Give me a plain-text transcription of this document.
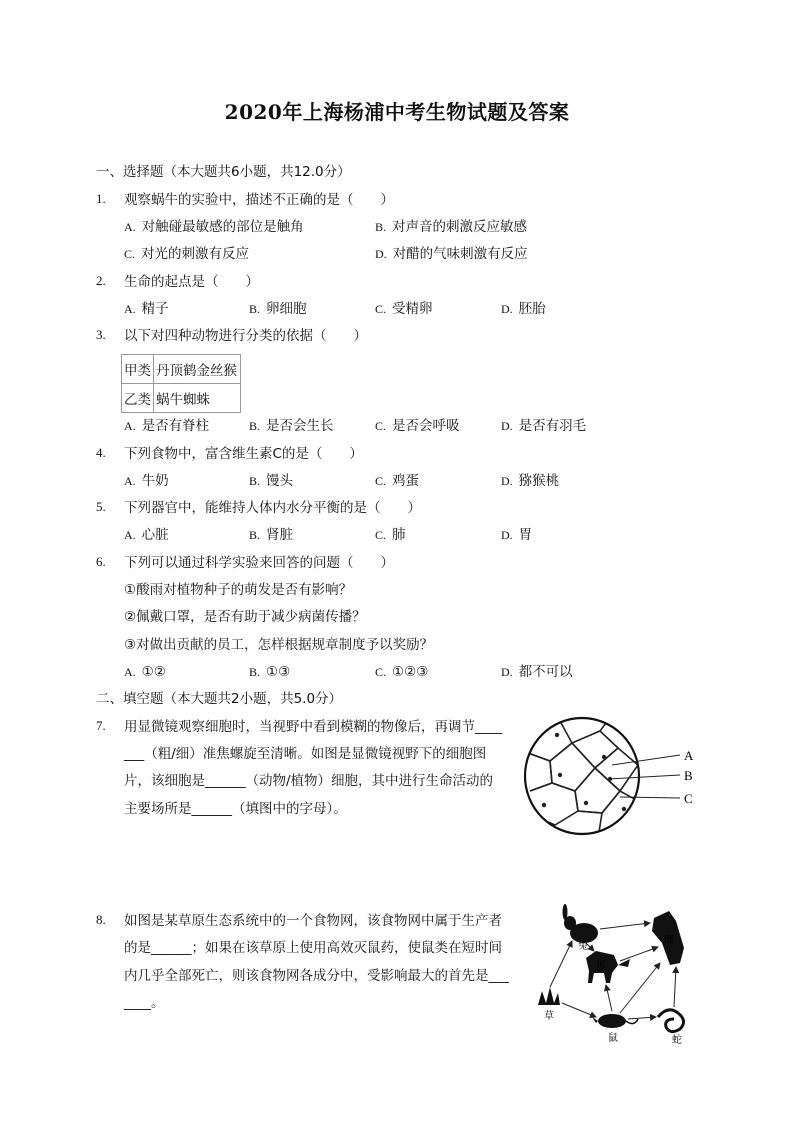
2020年上海杨浦中考生物试题及答案
一、选择题（本大题共6小题，共12.0分）
1.	观察蜗牛的实验中，描述不正确的是（　　）
A. 对触碰最敏感的部位是触角	B. 对声音的刺激反应敏感
C. 对光的刺激有反应	D. 对醋的气味刺激有反应
2.	生命的起点是（　　）
A. 精子	B. 卵细胞	C. 受精卵	D. 胚胎
3.	以下对四种动物进行分类的依据（　　）
甲类	丹顶鹤金丝猴
乙类	蜗牛蜘蛛
A. 是否有脊柱	B. 是否会生长	C. 是否会呼吸	D. 是否有羽毛
4.	下列食物中，富含维生素C的是（　　）
A. 牛奶	B. 馒头	C. 鸡蛋	D. 猕猴桃
5.	下列器官中，能维持人体内水分平衡的是（　　）
A. 心脏	B. 肾脏	C. 肺	D. 胃
6.	下列可以通过科学实验来回答的问题（　　）
①酸雨对植物种子的萌发是否有影响？
②佩戴口罩，是否有助于减少病菌传播？
③对做出贡献的员工，怎样根据规章制度予以奖励？
A. ①②	B. ①③	C. ①②③	D. 都不可以
二、填空题（本大题共2小题，共5.0分）
7.	用显微镜观察细胞时，当视野中看到模糊的物像后，再调节____
___（粗/细）准焦螺旋至清晰。如图是显微镜视野下的细胞图
片，该细胞是______（动物/植物）细胞，其中进行生命活动的
主要场所是______（填图中的字母）。
A
B
C
8.	如图是某草原生态系统中的一个食物网，该食物网中属于生产者
的是______；如果在该草原上使用高效灭鼠药，使鼠类在短时间
内几乎全部死亡，则该食物网各成分中，受影响最大的首先是___
____。
兔
鹰
狐
草
鼠	蛇
